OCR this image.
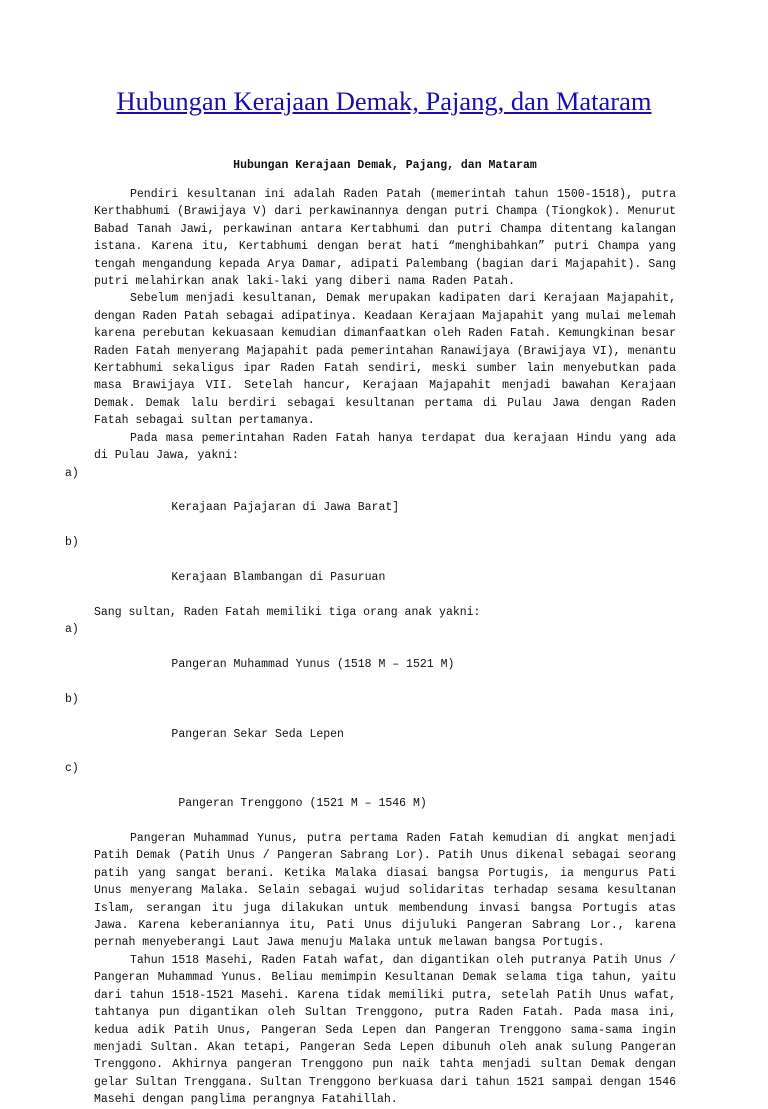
Hubungan Kerajaan Demak, Pajang, dan Mataram
Hubungan Kerajaan Demak, Pajang, dan Mataram

Pendiri kesultanan ini adalah Raden Patah (memerintah tahun 1500-1518), putra Kerthabhumi (Brawijaya V) dari perkawinannya dengan putri Champa (Tiongkok). Menurut Babad Tanah Jawi, perkawinan antara Kertabhumi dan putri Champa ditentang kalangan istana. Karena itu, Kertabhumi dengan berat hati “menghibahkan” putri Champa yang tengah mengandung kepada Arya Damar, adipati Palembang (bagian dari Majapahit). Sang putri melahirkan anak laki-laki yang diberi nama Raden Patah.

Sebelum menjadi kesultanan, Demak merupakan kadipaten dari Kerajaan Majapahit, dengan Raden Patah sebagai adipatinya. Keadaan Kerajaan Majapahit yang mulai melemah karena perebutan kekuasaan kemudian dimanfaatkan oleh Raden Fatah. Kemungkinan besar Raden Fatah menyerang Majapahit pada pemerintahan Ranawijaya (Brawijaya VI), menantu Kertabhumi sekaligus ipar Raden Fatah sendiri, meski sumber lain menyebutkan pada masa Brawijaya VII. Setelah hancur, Kerajaan Majapahit menjadi bawahan Kerajaan Demak. Demak lalu berdiri sebagai kesultanan pertama di Pulau Jawa dengan Raden Fatah sebagai sultan pertamanya.

Pada masa pemerintahan Raden Fatah hanya terdapat dua kerajaan Hindu yang ada di Pulau Jawa, yakni:

a)

Kerajaan Pajajaran di Jawa Barat]

b)

Kerajaan Blambangan di Pasuruan

Sang sultan, Raden Fatah memiliki tiga orang anak yakni:

a)

Pangeran Muhammad Yunus (1518 M – 1521 M)

b)

Pangeran Sekar Seda Lepen

c)

Pangeran Trenggono (1521 M – 1546 M)

Pangeran Muhammad Yunus, putra pertama Raden Fatah kemudian di angkat menjadi Patih Demak (Patih Unus / Pangeran Sabrang Lor). Patih Unus dikenal sebagai seorang patih yang sangat berani. Ketika Malaka diasai bangsa Portugis, ia mengurus Pati Unus menyerang Malaka. Selain sebagai wujud solidaritas terhadap sesama kesultanan Islam, serangan itu juga dilakukan untuk membendung invasi bangsa Portugis atas Jawa. Karena keberaniannya itu, Pati Unus dijuluki Pangeran Sabrang Lor., karena pernah menyeberangi Laut Jawa menuju Malaka untuk melawan bangsa Portugis.

Tahun 1518 Masehi, Raden Fatah wafat, dan digantikan oleh putranya Patih Unus / Pangeran Muhammad Yunus. Beliau memimpin Kesultanan Demak selama tiga tahun, yaitu dari tahun 1518-1521 Masehi. Karena tidak memiliki putra, setelah Patih Unus wafat, tahtanya pun digantikan oleh Sultan Trenggono, putra Raden Fatah. Pada masa ini, kedua adik Patih Unus, Pangeran Seda Lepen dan Pangeran Trenggono sama-sama ingin menjadi Sultan. Akan tetapi, Pangeran Seda Lepen dibunuh oleh anak sulung Pangeran Trenggono. Akhirnya pangeran Trenggono pun naik tahta menjadi sultan Demak dengan gelar Sultan Trenggana. Sultan Trenggono berkuasa dari tahun 1521 sampai dengan 1546 Masehi dengan panglima perangnya Fatahillah.
